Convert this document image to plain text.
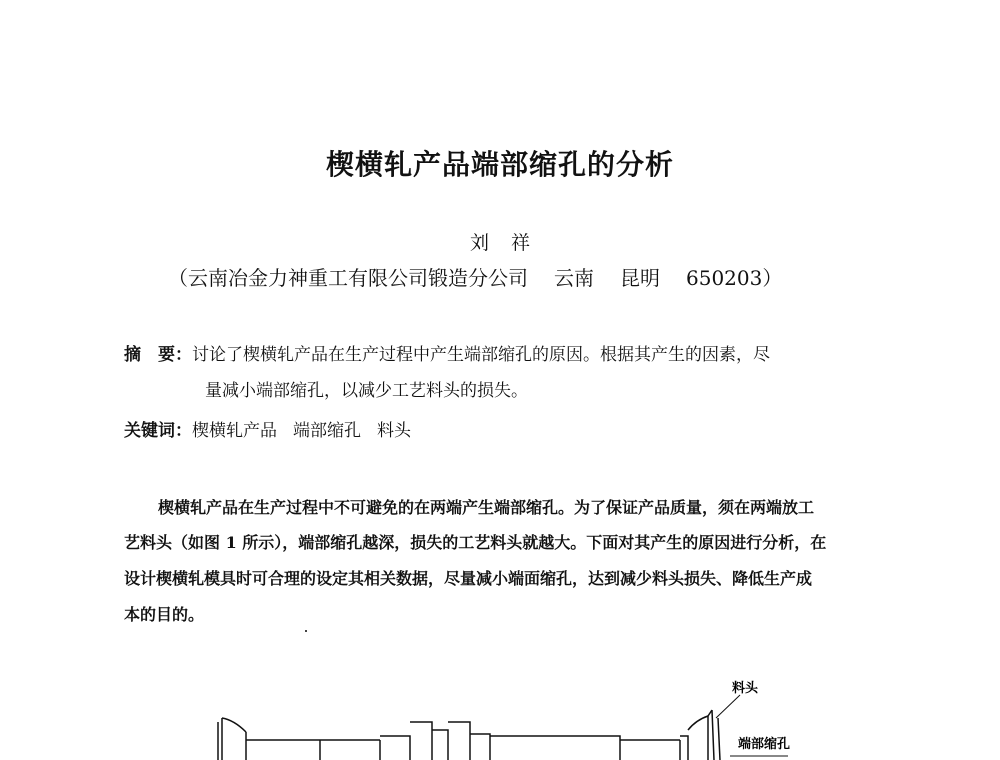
楔横轧产品端部缩孔的分析
刘祥
（云南冶金力神重工有限公司锻造分公司 云南 昆明 650203）
摘　要：讨论了楔横轧产品在生产过程中产生端部缩孔的原因。根据其产生的因素，尽
量减小端部缩孔，以减少工艺料头的损失。
关键词：楔横轧产品 端部缩孔 料头
楔横轧产品在生产过程中不可避免的在两端产生端部缩孔。为了保证产品质量，须在两端放工
艺料头（如图 1 所示），端部缩孔越深，损失的工艺料头就越大。下面对其产生的原因进行分析，在
设计楔横轧模具时可合理的设定其相关数据，尽量减小端面缩孔，达到减少料头损失、降低生产成
本的目的。
料头
端部缩孔
